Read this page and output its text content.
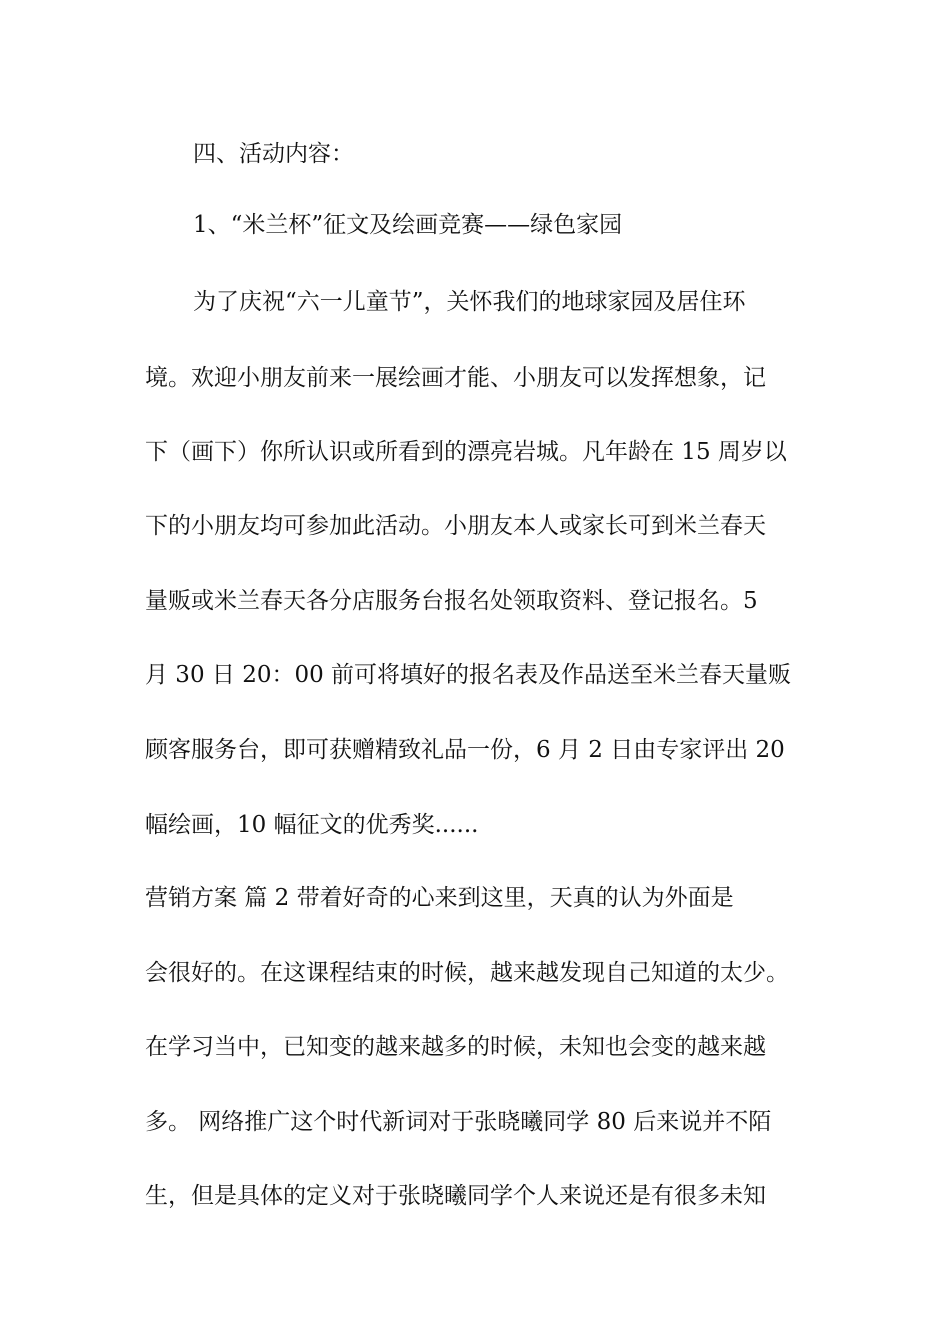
四、活动内容：
1、“米兰杯”征文及绘画竞赛——绿色家园
为了庆祝“六一儿童节”，关怀我们的地球家园及居住环
境。欢迎小朋友前来一展绘画才能、小朋友可以发挥想象，记
下（画下）你所认识或所看到的漂亮岩城。凡年龄在 15 周岁以
下的小朋友均可参加此活动。小朋友本人或家长可到米兰春天
量贩或米兰春天各分店服务台报名处领取资料、登记报名。5
月 30 日 20：00 前可将填好的报名表及作品送至米兰春天量贩
顾客服务台，即可获赠精致礼品一份，6 月 2 日由专家评出 20
幅绘画，10 幅征文的优秀奖......
营销方案 篇 2 带着好奇的心来到这里，天真的认为外面是
会很好的。在这课程结束的时候，越来越发现自己知道的太少。
在学习当中，已知变的越来越多的时候，未知也会变的越来越
多。 网络推广这个时代新词对于张晓曦同学 80 后来说并不陌
生，但是具体的定义对于张晓曦同学个人来说还是有很多未知
